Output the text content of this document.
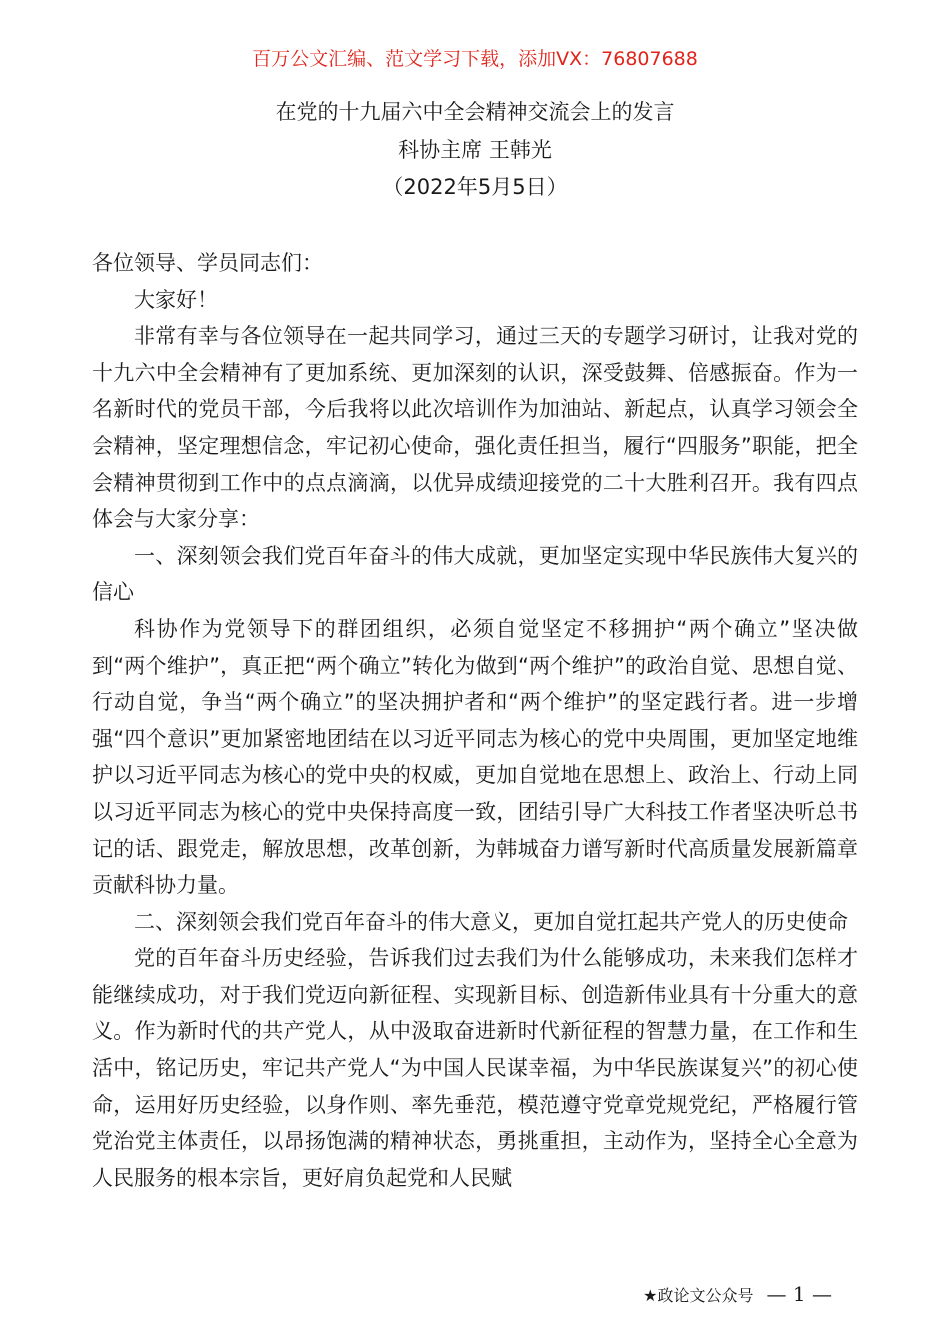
百万公文汇编、范文学习下载，添加VX：76807688
在党的十九届六中全会精神交流会上的发言
科协主席 王韩光
（2022年5月5日）

各位领导、学员同志们：

大家好！

非常有幸与各位领导在一起共同学习，通过三天的专题学习研讨，让我对党的十九六中全会精神有了更加系统、更加深刻的认识，深受鼓舞、倍感振奋。作为一名新时代的党员干部，今后我将以此次培训作为加油站、新起点，认真学习领会全会精神，坚定理想信念，牢记初心使命，强化责任担当，履行“四服务”职能，把全会精神贯彻到工作中的点点滴滴，以优异成绩迎接党的二十大胜利召开。我有四点体会与大家分享：

一、深刻领会我们党百年奋斗的伟大成就，更加坚定实现中华民族伟大复兴的信心

科协作为党领导下的群团组织，必须自觉坚定不移拥护“两个确立”坚决做到“两个维护”，真正把“两个确立”转化为做到“两个维护”的政治自觉、思想自觉、行动自觉，争当“两个确立”的坚决拥护者和“两个维护”的坚定践行者。进一步增强“四个意识”更加紧密地团结在以习近平同志为核心的党中央周围，更加坚定地维护以习近平同志为核心的党中央的权威，更加自觉地在思想上、政治上、行动上同以习近平同志为核心的党中央保持高度一致，团结引导广大科技工作者坚决听总书记的话、跟党走，解放思想，改革创新，为韩城奋力谱写新时代高质量发展新篇章贡献科协力量。

二、深刻领会我们党百年奋斗的伟大意义，更加自觉扛起共产党人的历史使命

党的百年奋斗历史经验，告诉我们过去我们为什么能够成功，未来我们怎样才能继续成功，对于我们党迈向新征程、实现新目标、创造新伟业具有十分重大的意义。作为新时代的共产党人，从中汲取奋进新时代新征程的智慧力量，在工作和生活中，铭记历史，牢记共产党人“为中国人民谋幸福，为中华民族谋复兴”的初心使命，运用好历史经验，以身作则、率先垂范，模范遵守党章党规党纪，严格履行管党治党主体责任，以昂扬饱满的精神状态，勇挑重担，主动作为，坚持全心全意为人民服务的根本宗旨，更好肩负起党和人民赋

★政论文公众号 — 1 —
